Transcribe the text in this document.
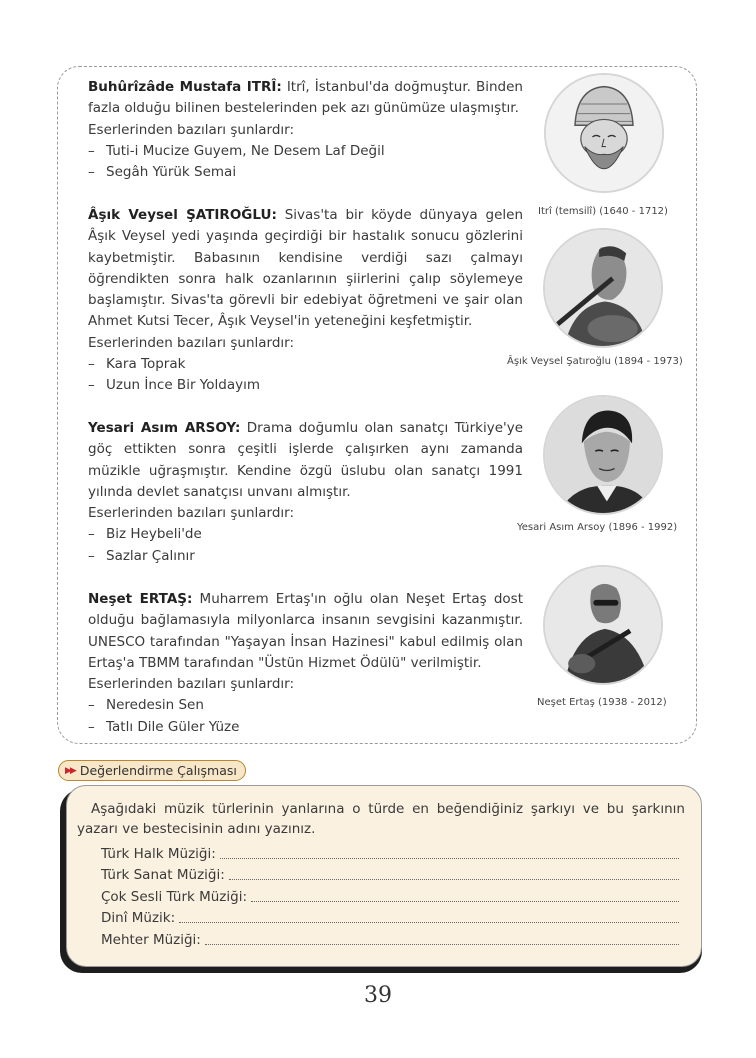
Buhûrîzâde Mustafa ITRÎ: Itrî, İstanbul'da doğmuştur. Binden fazla olduğu bilinen bestelerinden pek azı günümüze ulaşmıştır.

Eserlerinden bazıları şunlardır:

– Tuti-i Mucize Guyem, Ne Desem Laf Değil

– Segâh Yürük Semai

Âşık Veysel ŞATIROĞLU: Sivas'ta bir köyde dünyaya gelen Âşık Veysel yedi yaşında geçirdiği bir hastalık sonucu gözlerini kaybetmiştir. Babasının kendisine verdiği sazı çalmayı öğrendikten sonra halk ozanlarının şiirlerini çalıp söylemeye başlamıştır. Sivas'ta görevli bir edebiyat öğretmeni ve şair olan Ahmet Kutsi Tecer, Âşık Veysel'in yeteneğini keşfetmiştir.

Eserlerinden bazıları şunlardır:

– Kara Toprak

– Uzun İnce Bir Yoldayım

Yesari Asım ARSOY: Drama doğumlu olan sanatçı Türkiye'ye göç ettikten sonra çeşitli işlerde çalışırken aynı zamanda müzikle uğraşmıştır. Kendine özgü üslubu olan sanatçı 1991 yılında devlet sanatçısı unvanı almıştır.

Eserlerinden bazıları şunlardır:

– Biz Heybeli'de

– Sazlar Çalınır

Neşet ERTAŞ: Muharrem Ertaş'ın oğlu olan Neşet Ertaş dost olduğu bağlamasıyla milyonlarca insanın sevgisini kazanmıştır. UNESCO tarafından "Yaşayan İnsan Hazinesi" kabul edilmiş olan Ertaş'a TBMM tarafından "Üstün Hizmet Ödülü" verilmiştir.

Eserlerinden bazıları şunlardır:

– Neredesin Sen

– Tatlı Dile Güler Yüze

Itrî (temsilî) (1640 - 1712)
Âşık Veysel Şatıroğlu (1894 - 1973)
Yesari Asım Arsoy (1896 - 1992)
Neşet Ertaş (1938 - 2012)
▶▶ Değerlendirme Çalışması

Aşağıdaki müzik türlerinin yanlarına o türde en beğendiğiniz şarkıyı ve bu şarkının yazarı ve bestecisinin adını yazınız.

Türk Halk Müziği:
Türk Sanat Müziği:
Çok Sesli Türk Müziği:
Dinî Müzik:
Mehter Müziği:
39
